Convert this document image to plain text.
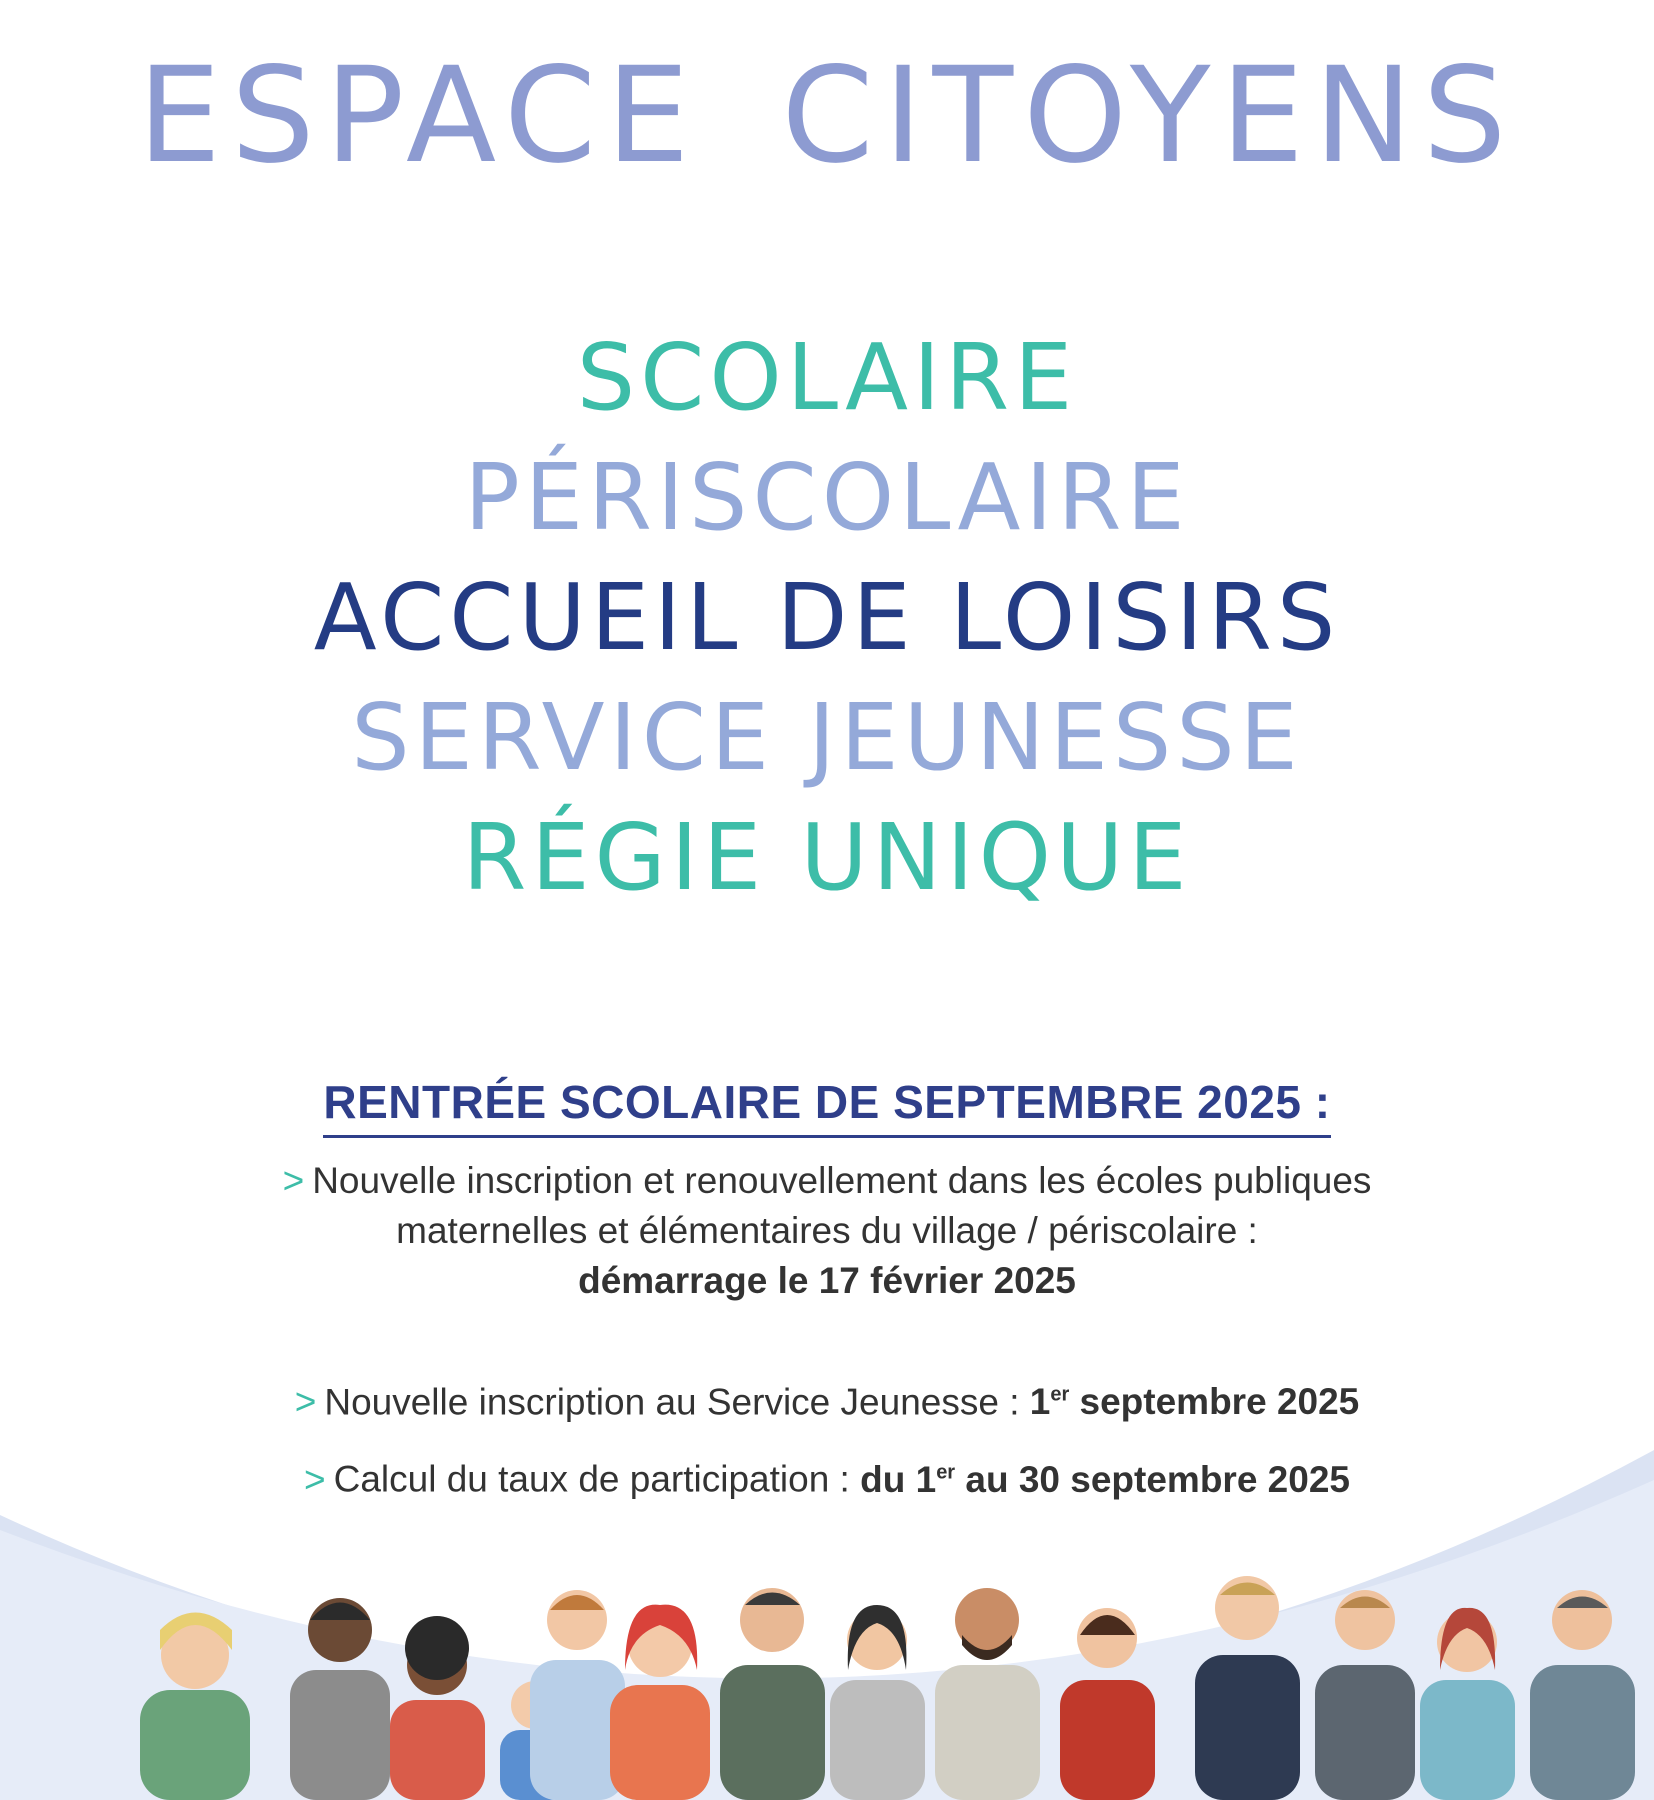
ESPACE CITOYENS
SCOLAIRE
PÉRISCOLAIRE
ACCUEIL DE LOISIRS
SERVICE JEUNESSE
RÉGIE UNIQUE
RENTRÉE SCOLAIRE DE SEPTEMBRE 2025 :
> Nouvelle inscription et renouvellement dans les écoles publiques
maternelles et élémentaires du village / périscolaire :
démarrage le 17 février 2025
> Nouvelle inscription au Service Jeunesse : 1er septembre 2025
> Calcul du taux de participation : du 1er au 30 septembre 2025
